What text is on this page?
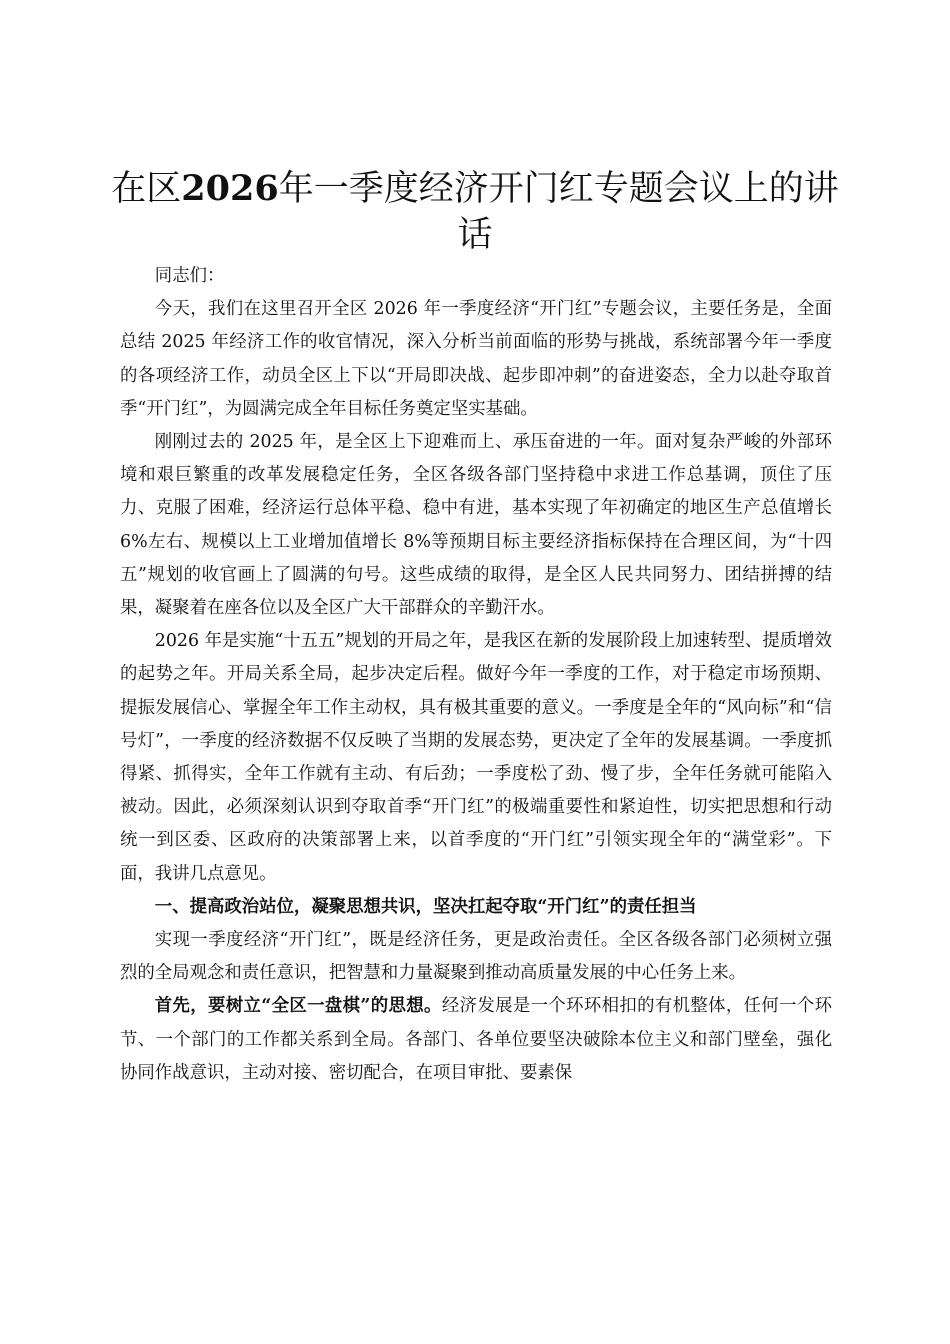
在区2026年一季度经济开门红专题会议上的讲话

同志们：

今天，我们在这里召开全区 2026 年一季度经济“开门红”专题会议，主要任务是，全面总结 2025 年经济工作的收官情况，深入分析当前面临的形势与挑战，系统部署今年一季度的各项经济工作，动员全区上下以“开局即决战、起步即冲刺”的奋进姿态，全力以赴夺取首季“开门红”，为圆满完成全年目标任务奠定坚实基础。

刚刚过去的 2025 年，是全区上下迎难而上、承压奋进的一年。面对复杂严峻的外部环境和艰巨繁重的改革发展稳定任务，全区各级各部门坚持稳中求进工作总基调，顶住了压力、克服了困难，经济运行总体平稳、稳中有进，基本实现了年初确定的地区生产总值增长 6%左右、规模以上工业增加值增长 8%等预期目标主要经济指标保持在合理区间，为“十四五”规划的收官画上了圆满的句号。这些成绩的取得，是全区人民共同努力、团结拼搏的结果，凝聚着在座各位以及全区广大干部群众的辛勤汗水。

2026 年是实施“十五五”规划的开局之年，是我区在新的发展阶段上加速转型、提质增效的起势之年。开局关系全局，起步决定后程。做好今年一季度的工作，对于稳定市场预期、提振发展信心、掌握全年工作主动权，具有极其重要的意义。一季度是全年的“风向标”和“信号灯”，一季度的经济数据不仅反映了当期的发展态势，更决定了全年的发展基调。一季度抓得紧、抓得实，全年工作就有主动、有后劲；一季度松了劲、慢了步，全年任务就可能陷入被动。因此，必须深刻认识到夺取首季“开门红”的极端重要性和紧迫性，切实把思想和行动统一到区委、区政府的决策部署上来，以首季度的“开门红”引领实现全年的“满堂彩”。下面，我讲几点意见。

一、提高政治站位，凝聚思想共识，坚决扛起夺取“开门红”的责任担当

实现一季度经济“开门红”，既是经济任务，更是政治责任。全区各级各部门必须树立强烈的全局观念和责任意识，把智慧和力量凝聚到推动高质量发展的中心任务上来。

首先，要树立“全区一盘棋”的思想。经济发展是一个环环相扣的有机整体，任何一个环节、一个部门的工作都关系到全局。各部门、各单位要坚决破除本位主义和部门壁垒，强化协同作战意识，主动对接、密切配合，在项目审批、要素保
